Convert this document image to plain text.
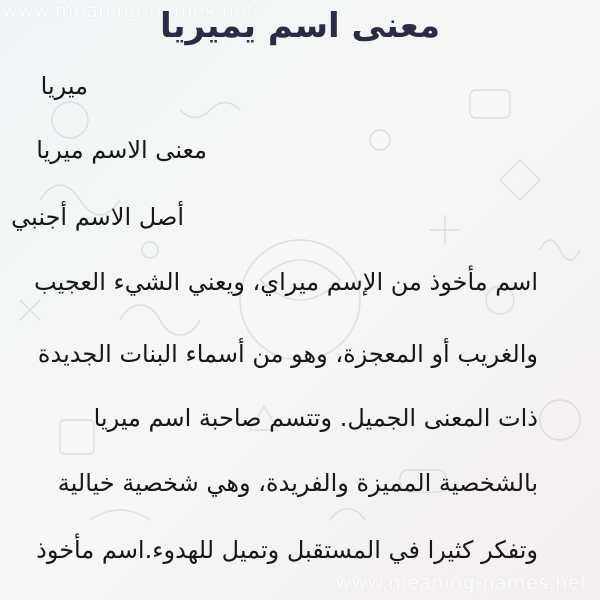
www.meaning-names.net
معنى اسم يميريا
ميريا
معنى الاسم ميريا
أصل الاسم أجنبي
اسم مأخوذ من الإسم ميراي، ويعني الشيء العجيب
والغريب أو المعجزة، وهو من أسماء البنات الجديدة
ذات المعنى الجميل. وتتسم صاحبة اسم ميريا
بالشخصية المميزة والفريدة، وهي شخصية خيالية
وتفكر كثيرا في المستقبل وتميل للهدوء.اسم مأخوذ
www.meaning-names.net
